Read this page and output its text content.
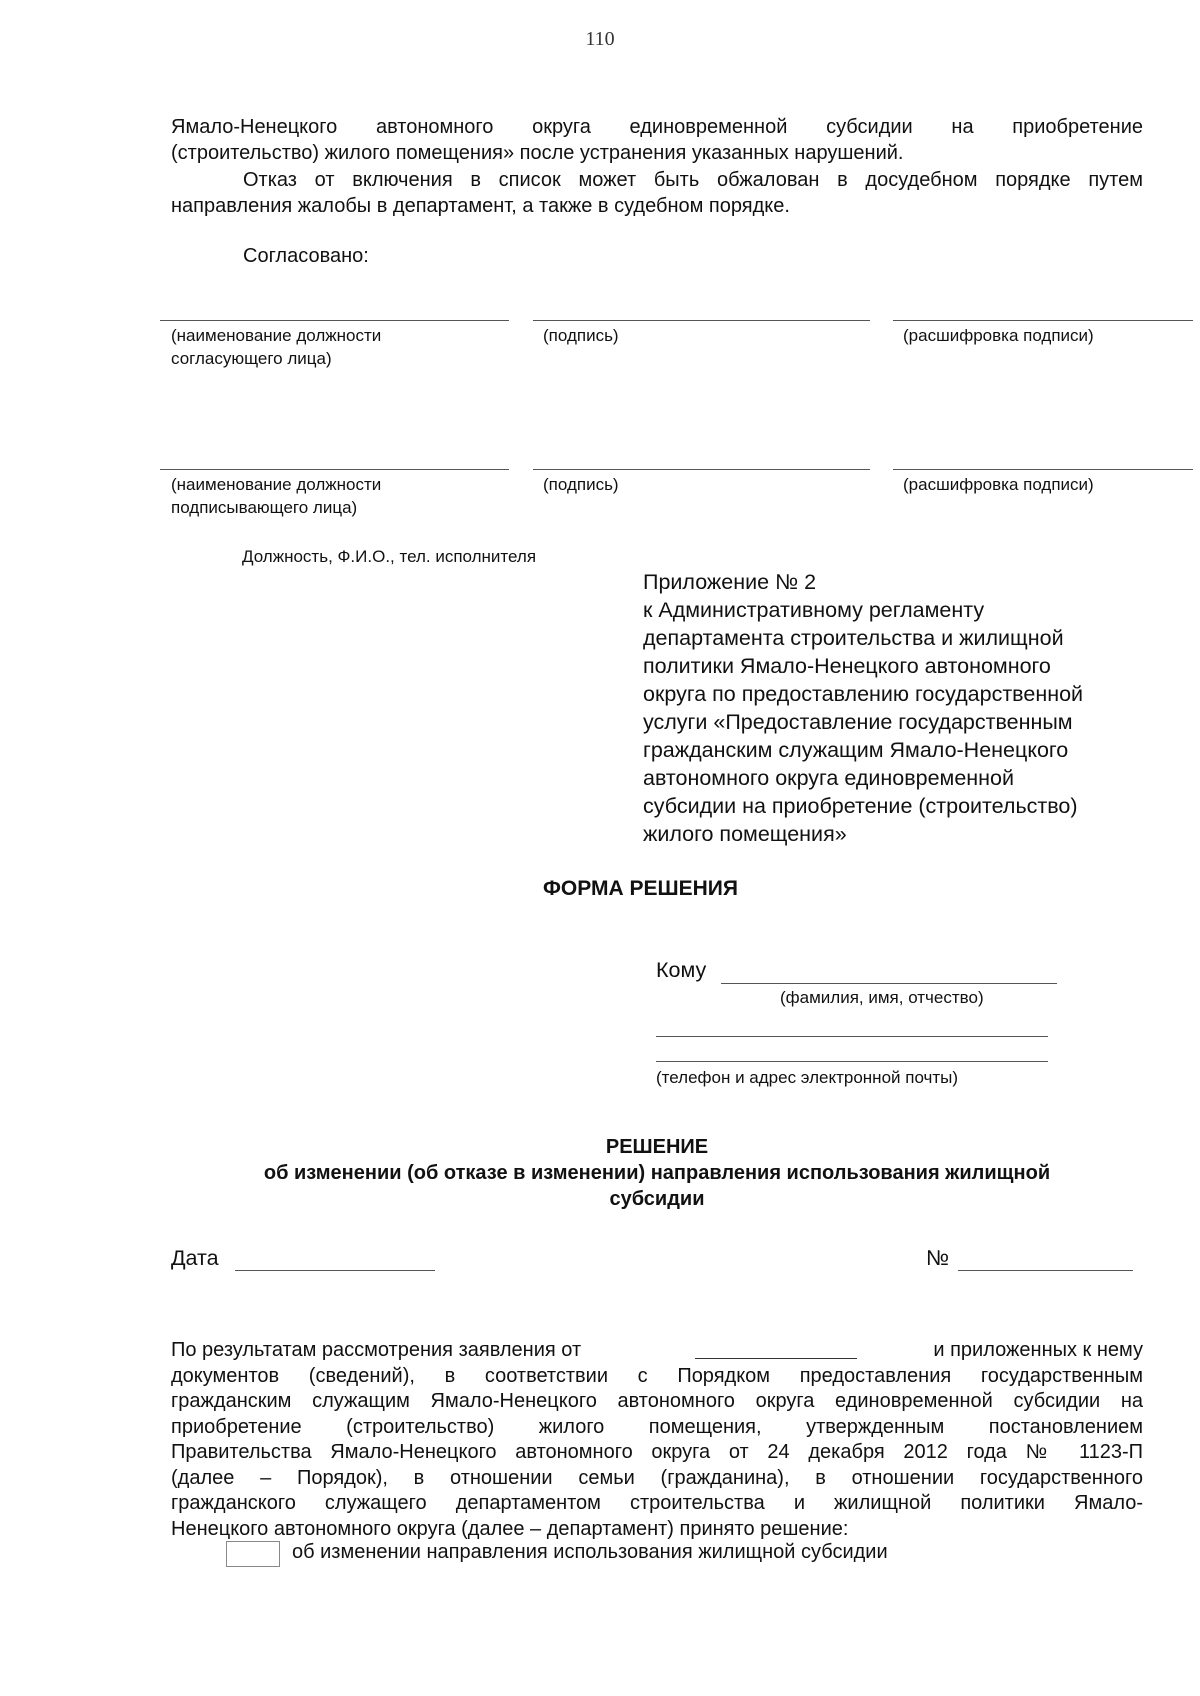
110
Ямало-Ненецкого автономного округа единовременной субсидии на приобретение
(строительство) жилого помещения» после устранения указанных нарушений.
Отказ от включения в список может быть обжалован в досудебном порядке путем
направления жалобы в департамент, а также в судебном порядке.
Согласовано:
(наименование должности
согласующего лица)
(подпись)	(расшифровка подписи)
(наименование должности
подписывающего лица)
(подпись)	(расшифровка подписи)
Должность, Ф.И.О., тел. исполнителя
Приложение № 2
к Административному регламенту
департамента строительства и жилищной
политики Ямало-Ненецкого автономного
округа по предоставлению государственной
услуги «Предоставление государственным
гражданским служащим Ямало-Ненецкого
автономного округа единовременной
субсидии на приобретение (строительство)
жилого помещения»
ФОРМА РЕШЕНИЯ
Кому
(фамилия, имя, отчество)
(телефон и адрес электронной почты)
РЕШЕНИЕ
об изменении (об отказе в изменении) направления использования жилищной
субсидии
Дата	№
По результатам рассмотрения заявления от	и приложенных к нему
документов (сведений), в соответствии с Порядком предоставления государственным
гражданским служащим Ямало-Ненецкого автономного округа единовременной субсидии на
приобретение (строительство) жилого помещения, утвержденным постановлением
Правительства Ямало-Ненецкого автономного округа от 24 декабря 2012 года № 1123-П
(далее – Порядок), в отношении семьи (гражданина), в отношении государственного
гражданского служащего департаментом строительства и жилищной политики Ямало-
Ненецкого автономного округа (далее – департамент) принято решение:
об изменении направления использования жилищной субсидии
